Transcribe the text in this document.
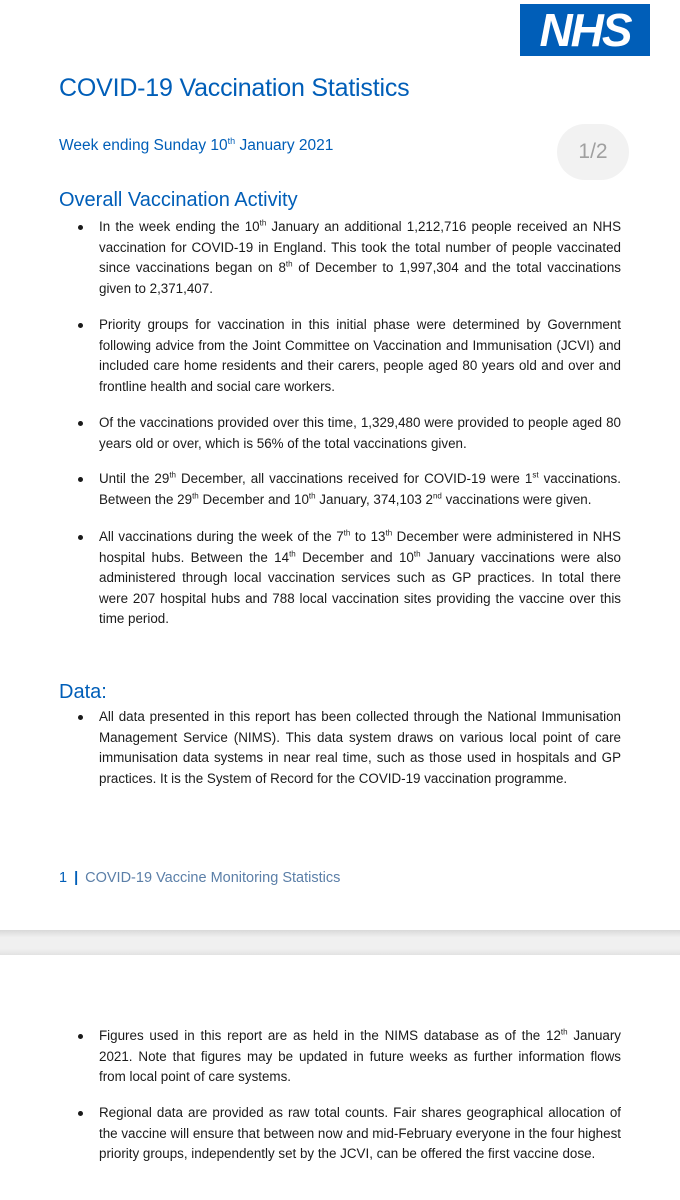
NHS
COVID-19 Vaccination Statistics
Week ending Sunday 10th January 2021	1/2
Overall Vaccination Activity
In the week ending the 10th January an additional 1,212,716 people received an NHS vaccination for COVID-19 in England. This took the total number of people vaccinated since vaccinations began on 8th of December to 1,997,304 and the total vaccinations given to 2,371,407.
Priority groups for vaccination in this initial phase were determined by Government following advice from the Joint Committee on Vaccination and Immunisation (JCVI) and included care home residents and their carers, people aged 80 years old and over and frontline health and social care workers.
Of the vaccinations provided over this time, 1,329,480 were provided to people aged 80 years old or over, which is 56% of the total vaccinations given.
Until the 29th December, all vaccinations received for COVID-19 were 1st vaccinations. Between the 29th December and 10th January, 374,103 2nd vaccinations were given.
All vaccinations during the week of the 7th to 13th December were administered in NHS hospital hubs. Between the 14th December and 10th January vaccinations were also administered through local vaccination services such as GP practices. In total there were 207 hospital hubs and 788 local vaccination sites providing the vaccine over this time period.
Data:
All data presented in this report has been collected through the National Immunisation Management Service (NIMS). This data system draws on various local point of care immunisation data systems in near real time, such as those used in hospitals and GP practices. It is the System of Record for the COVID-19 vaccination programme.
1 | COVID-19 Vaccine Monitoring Statistics
Figures used in this report are as held in the NIMS database as of the 12th January 2021. Note that figures may be updated in future weeks as further information flows from local point of care systems.
Regional data are provided as raw total counts. Fair shares geographical allocation of the vaccine will ensure that between now and mid-February everyone in the four highest priority groups, independently set by the JCVI, can be offered the first vaccine dose.
